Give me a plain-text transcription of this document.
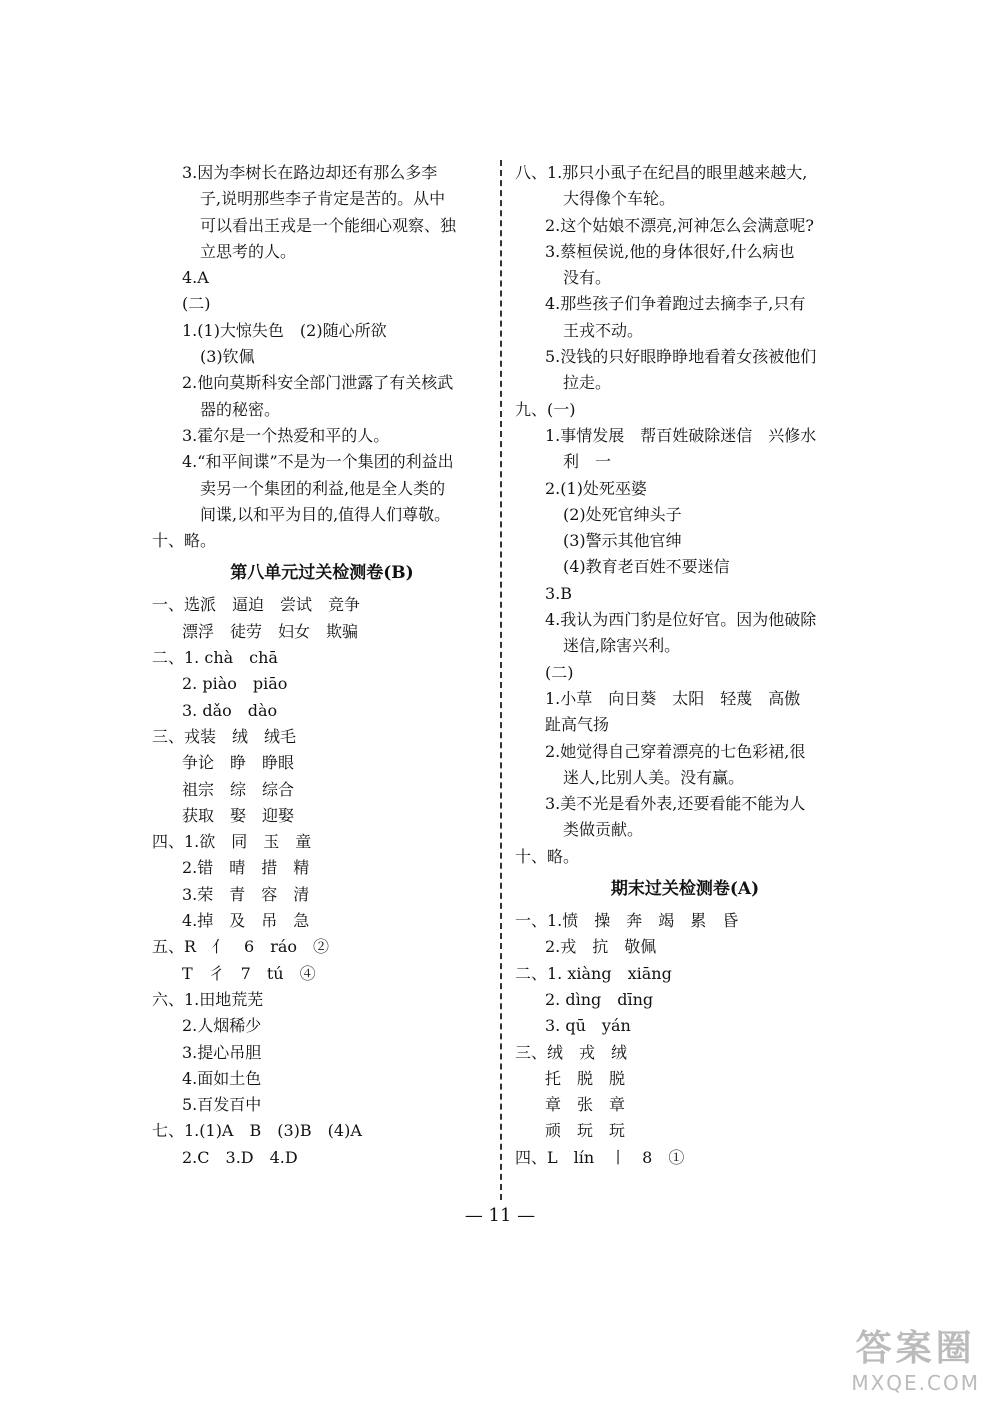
3.因为李树长在路边却还有那么多李
子,说明那些李子肯定是苦的。从中
可以看出王戎是一个能细心观察、独
立思考的人。
4.A
(二)
1.(1)大惊失色　(2)随心所欲
(3)钦佩
2.他向莫斯科安全部门泄露了有关核武
器的秘密。
3.霍尔是一个热爱和平的人。
4.“和平间谍”不是为一个集团的利益出
卖另一个集团的利益,他是全人类的
间谍,以和平为目的,值得人们尊敬。
十、略。
第八单元过关检测卷(B)
一、选派　逼迫　尝试　竞争
漂浮　徒劳　妇女　欺骗
二、1. chà　chā
2. piào　piāo
3. dǎo　dào
三、戎装　绒　绒毛
争论　睁　睁眼
祖宗　综　综合
获取　娶　迎娶
四、1.欲　同　玉　童
2.错　晴　措　精
3.荣　青　容　清
4.掉　及　吊　急
五、R　亻　6　ráo　②
T　彳　7　tú　④
六、1.田地荒芜
2.人烟稀少
3.提心吊胆
4.面如土色
5.百发百中
七、1.(1)A　B　(3)B　(4)A
2.C　3.D　4.D
八、1.那只小虱子在纪昌的眼里越来越大,
大得像个车轮。
2.这个姑娘不漂亮,河神怎么会满意呢?
3.蔡桓侯说,他的身体很好,什么病也
没有。
4.那些孩子们争着跑过去摘李子,只有
王戎不动。
5.没钱的只好眼睁睁地看着女孩被他们
拉走。
九、(一)
1.事情发展　帮百姓破除迷信　兴修水
利　一
2.(1)处死巫婆
(2)处死官绅头子
(3)警示其他官绅
(4)教育老百姓不要迷信
3.B
4.我认为西门豹是位好官。因为他破除
迷信,除害兴利。
(二)
1.小草　向日葵　太阳　轻蔑　高傲
趾高气扬
2.她觉得自己穿着漂亮的七色彩裙,很
迷人,比别人美。没有赢。
3.美不光是看外表,还要看能不能为人
类做贡献。
十、略。
期末过关检测卷(A)
一、1.愤　操　奔　竭　累　昏
2.戎　抗　敬佩
二、1. xiàng　xiāng
2. dìng　dīng
3. qū　yán
三、绒　戎　绒
托　脱　脱
章　张　章
顽　玩　玩
四、L　lín　丨　8　①
— 11 —
答案圈
MXQE.COM
